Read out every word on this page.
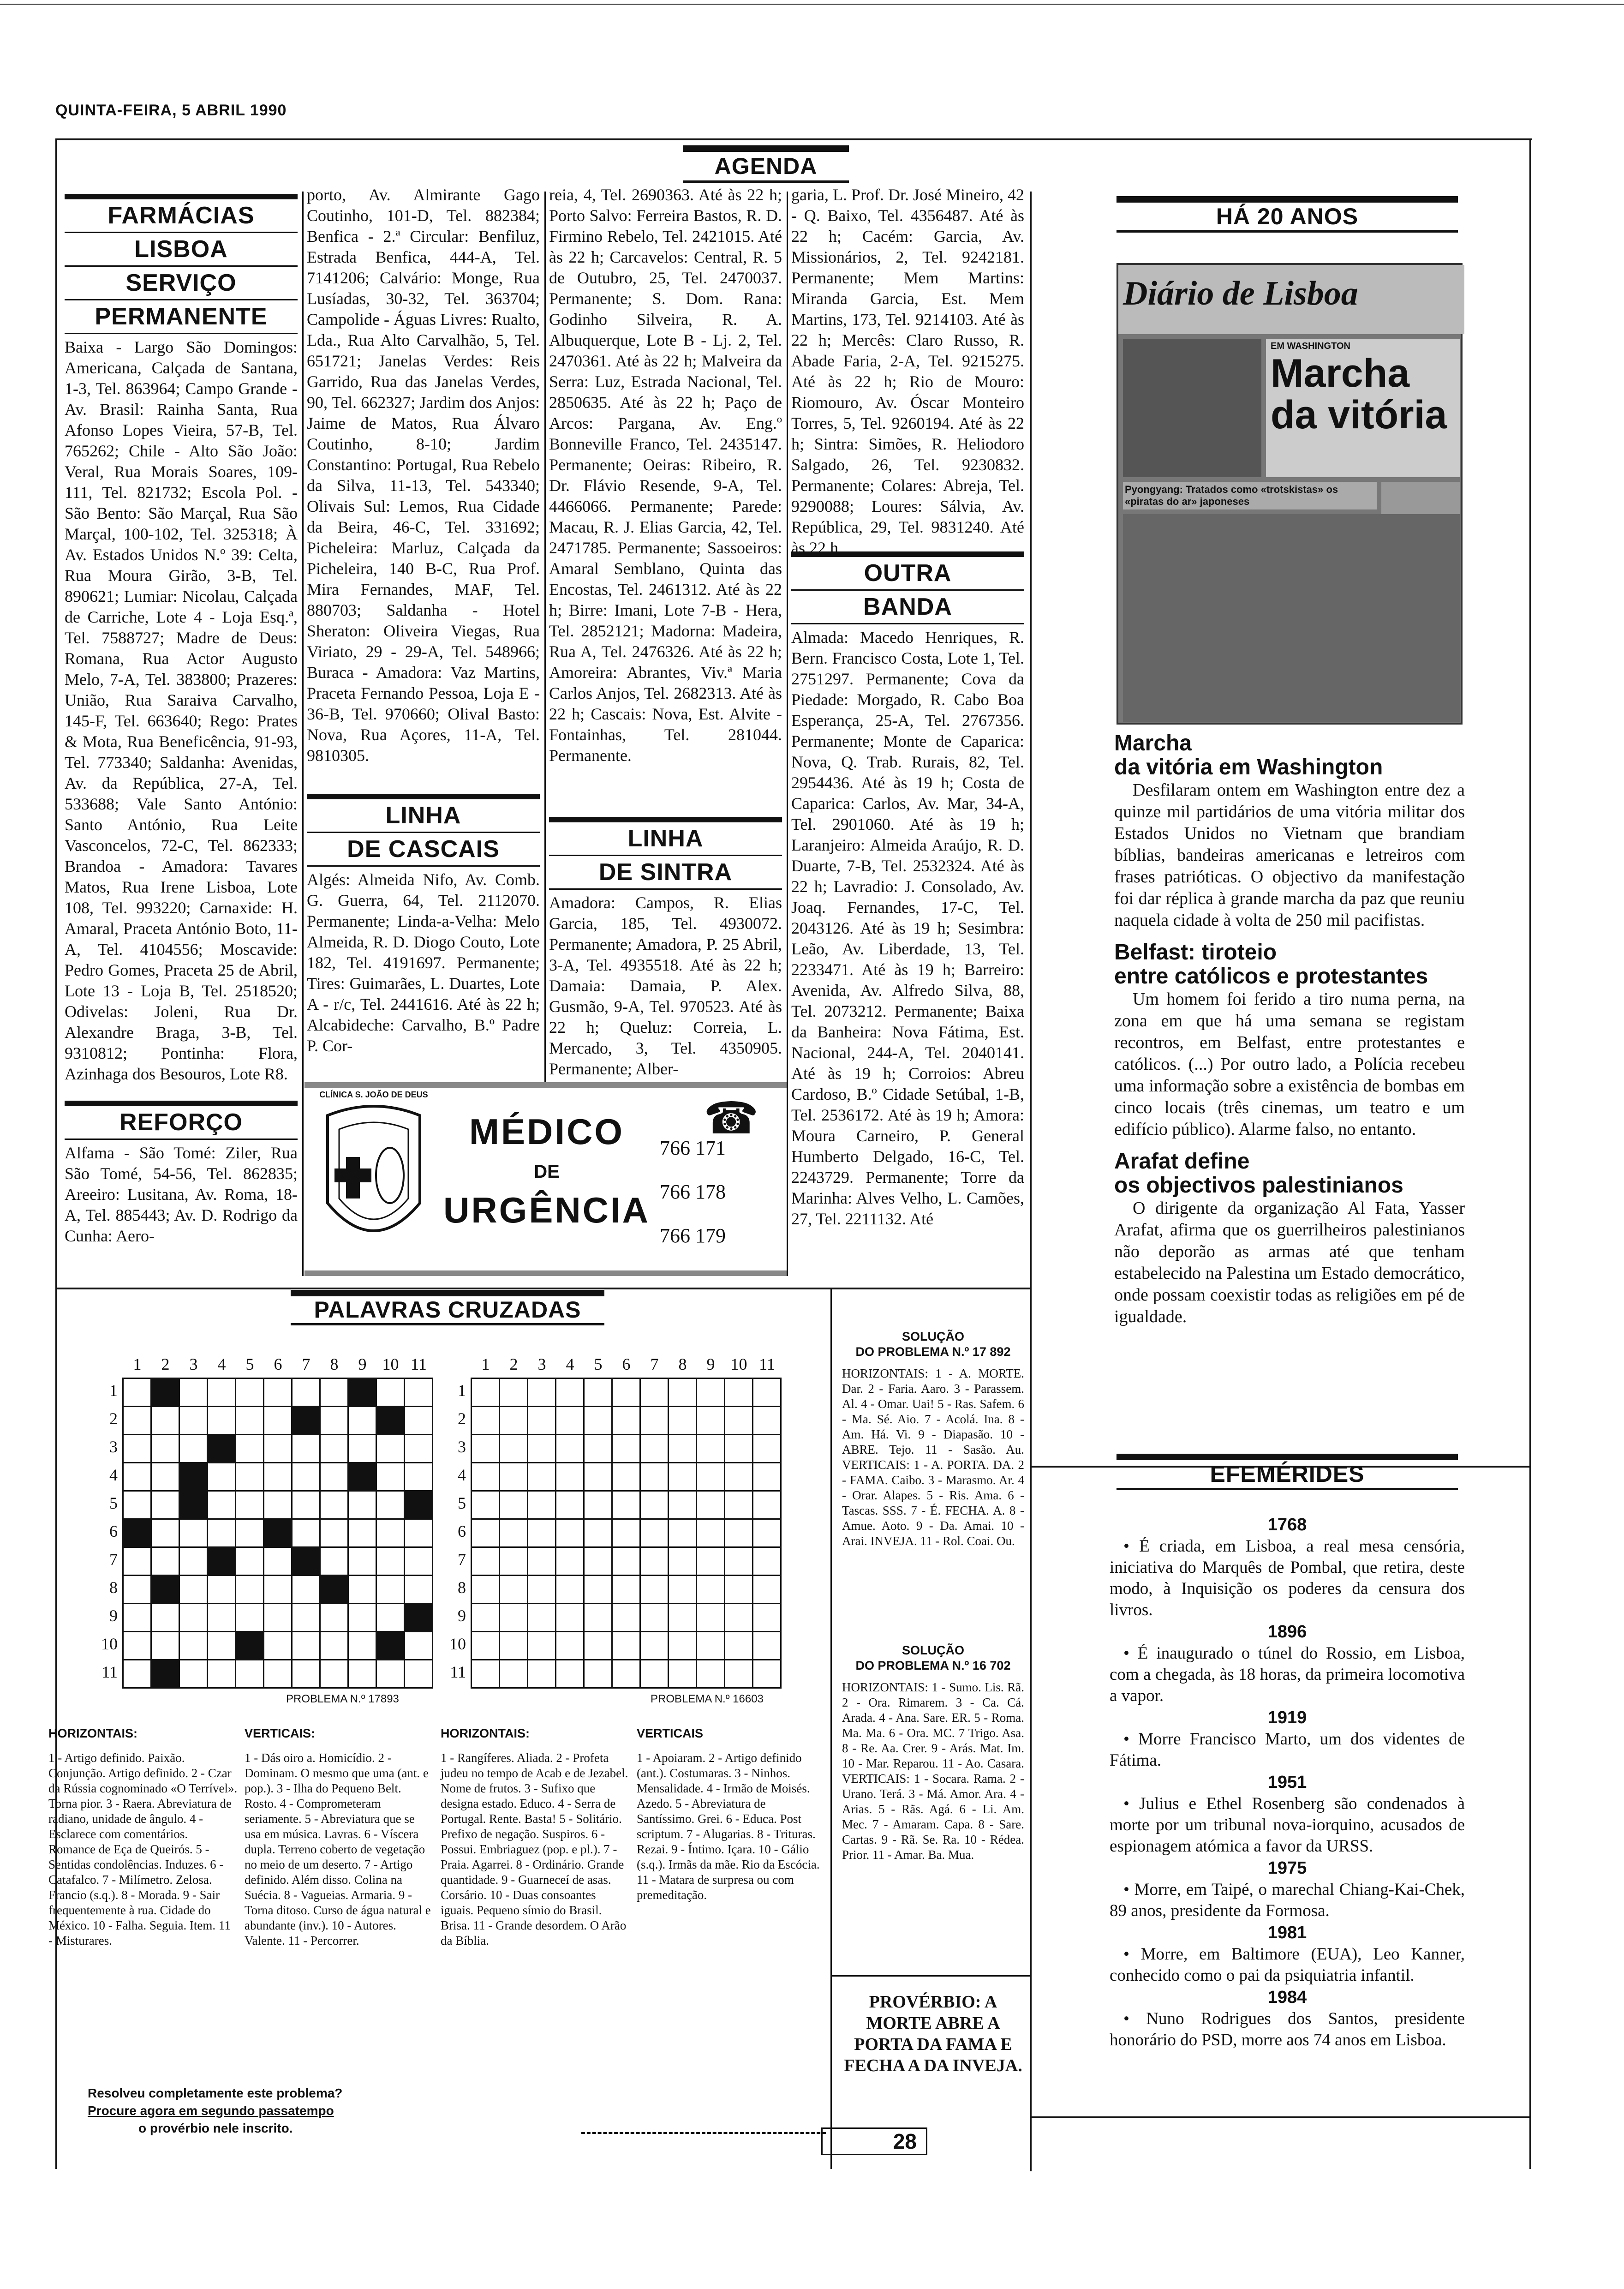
QUINTA-FEIRA, 5 ABRIL 1990
AGENDA
FARMÁCIAS
LISBOA
SERVIÇO
PERMANENTE
Baixa - Largo São Domingos: Americana, Calçada de Santana, 1-3, Tel. 863964; Campo Grande - Av. Brasil: Rainha Santa, Rua Afonso Lopes Vieira, 57-B, Tel. 765262; Chile - Alto São João: Veral, Rua Morais Soares, 109-111, Tel. 821732; Escola Pol. - São Bento: São Marçal, Rua São Marçal, 100-102, Tel. 325318; À Av. Estados Unidos N.º 39: Celta, Rua Moura Girão, 3-B, Tel. 890621; Lumiar: Nicolau, Calçada de Carriche, Lote 4 - Loja Esq.ª, Tel. 7588727; Madre de Deus: Romana, Rua Actor Augusto Melo, 7-A, Tel. 383800; Prazeres: União, Rua Saraiva Carvalho, 145-F, Tel. 663640; Rego: Prates & Mota, Rua Beneficência, 91-93, Tel. 773340; Saldanha: Avenidas, Av. da República, 27-A, Tel. 533688; Vale Santo António: Santo António, Rua Leite Vasconcelos, 72-C, Tel. 862333; Brandoa - Amadora: Tavares Matos, Rua Irene Lisboa, Lote 108, Tel. 993220; Carnaxide: H. Amaral, Praceta António Boto, 11-A, Tel. 4104556; Moscavide: Pedro Gomes, Praceta 25 de Abril, Lote 13 - Loja B, Tel. 2518520; Odivelas: Joleni, Rua Dr. Alexandre Braga, 3-B, Tel. 9310812; Pontinha: Flora, Azinhaga dos Besouros, Lote R8.
REFORÇO
Alfama - São Tomé: Ziler, Rua São Tomé, 54-56, Tel. 862835; Areeiro: Lusitana, Av. Roma, 18-A, Tel. 885443; Av. D. Rodrigo da Cunha: Aero-
porto, Av. Almirante Gago Coutinho, 101-D, Tel. 882384; Benfica - 2.ª Circular: Benfiluz, Estrada Benfica, 444-A, Tel. 7141206; Calvário: Monge, Rua Lusíadas, 30-32, Tel. 363704; Campolide - Águas Livres: Rualto, Lda., Rua Alto Carvalhão, 5, Tel. 651721; Janelas Verdes: Reis Garrido, Rua das Janelas Verdes, 90, Tel. 662327; Jardim dos Anjos: Jaime de Matos, Rua Álvaro Coutinho, 8-10; Jardim Constantino: Portugal, Rua Rebelo da Silva, 11-13, Tel. 543340; Olivais Sul: Lemos, Rua Cidade da Beira, 46-C, Tel. 331692; Picheleira: Marluz, Calçada da Picheleira, 140 B-C, Rua Prof. Mira Fernandes, MAF, Tel. 880703; Saldanha - Hotel Sheraton: Oliveira Viegas, Rua Viriato, 29 - 29-A, Tel. 548966; Buraca - Amadora: Vaz Martins, Praceta Fernando Pessoa, Loja E - 36-B, Tel. 970660; Olival Basto: Nova, Rua Açores, 11-A, Tel. 9810305.
LINHA
DE CASCAIS
Algés: Almeida Nifo, Av. Comb. G. Guerra, 64, Tel. 2112070. Permanente; Linda-a-Velha: Melo Almeida, R. D. Diogo Couto, Lote 182, Tel. 4191697. Permanente; Tires: Guimarães, L. Duartes, Lote A - r/c, Tel. 2441616. Até às 22 h; Alcabideche: Carvalho, B.º Padre P. Cor-
reia, 4, Tel. 2690363. Até às 22 h; Porto Salvo: Ferreira Bastos, R. D. Firmino Rebelo, Tel. 2421015. Até às 22 h; Carcavelos: Central, R. 5 de Outubro, 25, Tel. 2470037. Permanente; S. Dom. Rana: Godinho Silveira, R. A. Albuquerque, Lote B - Lj. 2, Tel. 2470361. Até às 22 h; Malveira da Serra: Luz, Estrada Nacional, Tel. 2850635. Até às 22 h; Paço de Arcos: Pargana, Av. Eng.º Bonneville Franco, Tel. 2435147. Permanente; Oeiras: Ribeiro, R. Dr. Flávio Resende, 9-A, Tel. 4466066. Permanente; Parede: Macau, R. J. Elias Garcia, 42, Tel. 2471785. Permanente; Sassoeiros: Amaral Semblano, Quinta das Encostas, Tel. 2461312. Até às 22 h; Birre: Imani, Lote 7-B - Hera, Tel. 2852121; Madorna: Madeira, Rua A, Tel. 2476326. Até às 22 h; Amoreira: Abrantes, Viv.ª Maria Carlos Anjos, Tel. 2682313. Até às 22 h; Cascais: Nova, Est. Alvite - Fontainhas, Tel. 281044. Permanente.
LINHA
DE SINTRA
Amadora: Campos, R. Elias Garcia, 185, Tel. 4930072. Permanente; Amadora, P. 25 Abril, 3-A, Tel. 4935518. Até às 22 h; Damaia: Damaia, P. Alex. Gusmão, 9-A, Tel. 970523. Até às 22 h; Queluz: Correia, L. Mercado, 3, Tel. 4350905. Permanente; Alber-
garia, L. Prof. Dr. José Mineiro, 42 - Q. Baixo, Tel. 4356487. Até às 22 h; Cacém: Garcia, Av. Missionários, 2, Tel. 9242181. Permanente; Mem Martins: Miranda Garcia, Est. Mem Martins, 173, Tel. 9214103. Até às 22 h; Mercês: Claro Russo, R. Abade Faria, 2-A, Tel. 9215275. Até às 22 h; Rio de Mouro: Riomouro, Av. Óscar Monteiro Torres, 5, Tel. 9260194. Até às 22 h; Sintra: Simões, R. Heliodoro Salgado, 26, Tel. 9230832. Permanente; Colares: Abreja, Tel. 9290088; Loures: Sálvia, Av. República, 29, Tel. 9831240. Até às 22 h.
OUTRA
BANDA
Almada: Macedo Henriques, R. Bern. Francisco Costa, Lote 1, Tel. 2751297. Permanente; Cova da Piedade: Morgado, R. Cabo Boa Esperança, 25-A, Tel. 2767356. Permanente; Monte de Caparica: Nova, Q. Trab. Rurais, 82, Tel. 2954436. Até às 19 h; Costa de Caparica: Carlos, Av. Mar, 34-A, Tel. 2901060. Até às 19 h; Laranjeiro: Almeida Araújo, R. D. Duarte, 7-B, Tel. 2532324. Até às 22 h; Lavradio: J. Consolado, Av. Joaq. Fernandes, 17-C, Tel. 2043126. Até às 19 h; Sesimbra: Leão, Av. Liberdade, 13, Tel. 2233471. Até às 19 h; Barreiro: Avenida, Av. Alfredo Silva, 88, Tel. 2073212. Permanente; Baixa da Banheira: Nova Fátima, Est. Nacional, 244-A, Tel. 2040141. Até às 19 h; Corroios: Abreu Cardoso, B.º Cidade Setúbal, 1-B, Tel. 2536172. Até às 19 h; Amora: Moura Carneiro, P. General Humberto Delgado, 16-C, Tel. 2243729. Permanente; Torre da Marinha: Alves Velho, L. Camões, 27, Tel. 2211132. Até
CLÍNICA S. JOÃO DE DEUS
MÉDICO
DE
URGÊNCIA
☎
766 171
766 178
766 179
PALAVRAS CRUZADAS

PROBLEMA N.º 17893	PROBLEMA N.º 16603
HORIZONTAIS:
1 - Artigo definido. Paixão. Conjunção. Artigo definido. 2 - Czar da Rússia cognominado «O Terrível». Torna pior. 3 - Raera. Abreviatura de radiano, unidade de ângulo. 4 - Esclarece com comentários. Romance de Eça de Queirós. 5 - Sentidas condolências. Induzes. 6 - Catafalco. 7 - Milímetro. Zelosa. Francio (s.q.). 8 - Morada. 9 - Sair frequentemente à rua. Cidade do México. 10 - Falha. Seguia. Item. 11 - Misturares.
VERTICAIS:
1 - Dás oiro a. Homicídio. 2 - Dominam. O mesmo que uma (ant. e pop.). 3 - Ilha do Pequeno Belt. Rosto. 4 - Comprometeram seriamente. 5 - Abreviatura que se usa em música. Lavras. 6 - Víscera dupla. Terreno coberto de vegetação no meio de um deserto. 7 - Artigo definido. Além disso. Colina na Suécia. 8 - Vagueias. Armaria. 9 - Torna ditoso. Curso de água natural e abundante (inv.). 10 - Autores. Valente. 11 - Percorrer.
HORIZONTAIS:
1 - Rangíferes. Aliada. 2 - Profeta judeu no tempo de Acab e de Jezabel. Nome de frutos. 3 - Sufixo que designa estado. Educo. 4 - Serra de Portugal. Rente. Basta! 5 - Solitário. Prefixo de negação. Suspiros. 6 - Possui. Embriaguez (pop. e pl.). 7 - Praia. Agarrei. 8 - Ordinário. Grande quantidade. 9 - Guarneceí de asas. Corsário. 10 - Duas consoantes iguais. Pequeno símio do Brasil. Brisa. 11 - Grande desordem. O Arão da Bíblia.
VERTICAIS
1 - Apoiaram. 2 - Artigo definido (ant.). Costumaras. 3 - Ninhos. Mensalidade. 4 - Irmão de Moisés. Azedo. 5 - Abreviatura de Santíssimo. Grei. 6 - Educa. Post scriptum. 7 - Alugarias. 8 - Trituras. Rezai. 9 - Íntimo. Içara. 10 - Gálio (s.q.). Irmãs da mãe. Rio da Escócia. 11 - Matara de surpresa ou com premeditação.
Resolveu completamente este problema?
Procure agora em segundo passatempo
o provérbio nele inscrito.
SOLUÇÃO
DO PROBLEMA N.º 17 892
HORIZONTAIS: 1 - A. MORTE. Dar. 2 - Faria. Aaro. 3 - Parassem. Al. 4 - Omar. Uai! 5 - Ras. Safem. 6 - Ma. Sé. Aio. 7 - Acolá. Ina. 8 - Am. Há. Vi. 9 - Diapasão. 10 - ABRE. Tejo. 11 - Sasão. Au. VERTICAIS: 1 - A. PORTA. DA. 2 - FAMA. Caibo. 3 - Marasmo. Ar. 4 - Orar. Alapes. 5 - Ris. Ama. 6 - Tascas. SSS. 7 - É. FECHA. A. 8 - Amue. Aoto. 9 - Da. Amai. 10 - Arai. INVEJA. 11 - Rol. Coai. Ou.
SOLUÇÃO
DO PROBLEMA N.º 16 702
HORIZONTAIS: 1 - Sumo. Lis. Rã. 2 - Ora. Rimarem. 3 - Ca. Cá. Arada. 4 - Ana. Sare. ER. 5 - Roma. Ma. Ma. 6 - Ora. MC. 7 Trigo. Asa. 8 - Re. Aa. Crer. 9 - Arás. Mat. Im. 10 - Mar. Reparou. 11 - Ao. Casara. VERTICAIS: 1 - Socara. Rama. 2 - Urano. Terá. 3 - Má. Amor. Ara. 4 - Arias. 5 - Rãs. Agá. 6 - Li. Am. Mec. 7 - Amaram. Capa. 8 - Sare. Cartas. 9 - Rã. Se. Ra. 10 - Rédea. Prior. 11 - Amar. Ba. Mua.
PROVÉRBIO: A MORTE ABRE A PORTA DA FAMA E FECHA A DA INVEJA.
28
HÁ 20 ANOS
Diário de Lisboa
EM WASHINGTON
Marcha da vitória
Pyongyang: Tratados como «trotskistas» os «piratas do ar» japoneses
Marcha
da vitória em Washington
Desfilaram ontem em Washington entre dez a quinze mil partidários de uma vitória militar dos Estados Unidos no Vietnam que brandiam bíblias, bandeiras americanas e letreiros com frases patrióticas. O objectivo da manifestação foi dar réplica à grande marcha da paz que reuniu naquela cidade à volta de 250 mil pacifistas.
Belfast: tiroteio
entre católicos e protestantes
Um homem foi ferido a tiro numa perna, na zona em que há uma semana se registam recontros, em Belfast, entre protestantes e católicos. (...) Por outro lado, a Polícia recebeu uma informação sobre a existência de bombas em cinco locais (três cinemas, um teatro e um edifício público). Alarme falso, no entanto.
Arafat define
os objectivos palestinianos
O dirigente da organização Al Fata, Yasser Arafat, afirma que os guerrilheiros palestinianos não deporão as armas até que tenham estabelecido na Palestina um Estado democrático, onde possam coexistir todas as religiões em pé de igualdade.
EFEMÉRIDES
1768
• É criada, em Lisboa, a real mesa censória, iniciativa do Marquês de Pombal, que retira, deste modo, à Inquisição os poderes da censura dos livros.
1896
• É inaugurado o túnel do Rossio, em Lisboa, com a chegada, às 18 horas, da primeira locomotiva a vapor.
1919
• Morre Francisco Marto, um dos videntes de Fátima.
1951
• Julius e Ethel Rosenberg são condenados à morte por um tribunal nova-iorquino, acusados de espionagem atómica a favor da URSS.
1975
• Morre, em Taipé, o marechal Chiang-Kai-Chek, 89 anos, presidente da Formosa.
1981
• Morre, em Baltimore (EUA), Leo Kanner, conhecido como o pai da psiquiatria infantil.
1984
• Nuno Rodrigues dos Santos, presidente honorário do PSD, morre aos 74 anos em Lisboa.
1	2	3	4	5	6	7	8	9 10 11	1	2	3	4	5	6	7	8	9 10 11
1
2
3
4
5
6
7
8
9
10
11
1
2
3
4
5
6
7
8
9
10
11
